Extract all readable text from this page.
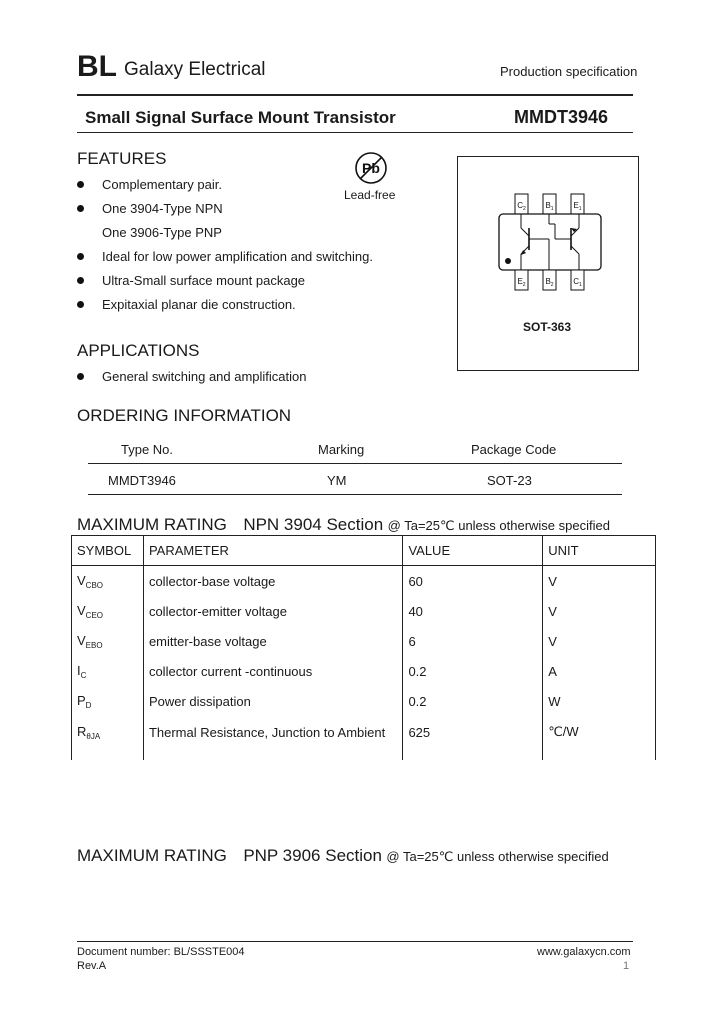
BL Galaxy Electrical	Production specification
Small Signal Surface Mount Transistor	MMDT3946
FEATURES
Complementary pair.
One 3904-Type NPN
One 3906-Type PNP
Ideal for low power amplification and switching.
Ultra-Small surface mount package
Expitaxial planar die construction.
Pb
Lead-free
$C_2$ $B_1$ $E_1$
$E_2$ $B_2$ $C_1$
SOT-363
APPLICATIONS
General switching and amplification
ORDERING INFORMATION
Type No.	Marking	Package Code
MMDT3946	YM	SOT-23
MAXIMUM RATING NPN 3904 Section @ Ta=25℃ unless otherwise specified
SYMBOL	PARAMETER	VALUE	UNIT
$V_{CBO}$	collector-base voltage	60	V
$V_{CEO}$	collector-emitter voltage	40	V
$V_{EBO}$	emitter-base voltage	6	V
$I_C$	collector current -continuous	0.2	A
$P_D$	Power dissipation	0.2	W
$R_{\theta JA}$	Thermal Resistance, Junction to Ambient	625	℃/W

MAXIMUM RATING PNP 3906 Section @ Ta=25℃ unless otherwise specified
Document number: BL/SSSTE004
Rev.A
www.galaxycn.com
1
